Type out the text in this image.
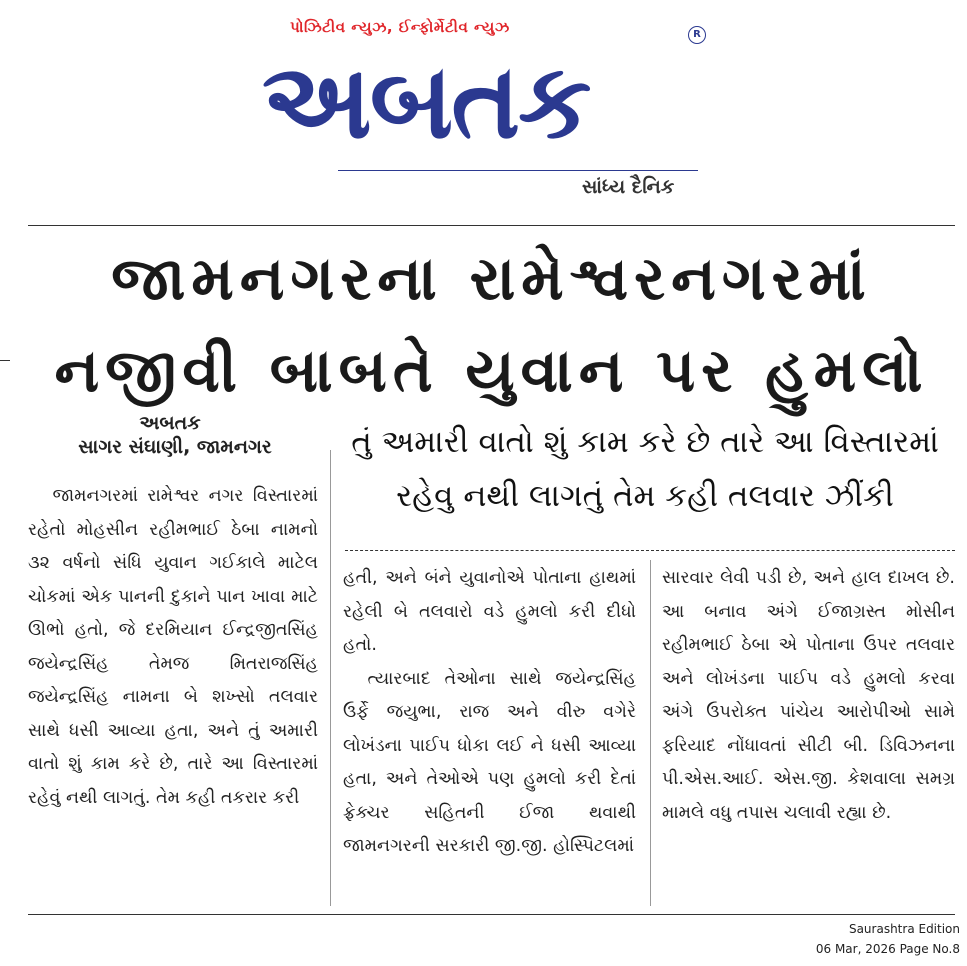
પોઝિટીવ ન્યુઝ, ઈન્ફોર્મેટીવ ન્યુઝ
અબતક
R
સાંધ્ય દૈનિક
જામનગરના રામેશ્વરનગરમાં
નજીવી બાબતે યુવાન પર હુમલો
અબતક
સાગર સંઘાણી, જામનગર	તું અમારી વાતો શું કામ કરે છે તારે આ વિસ્તારમાં
રહેવુ નથી લાગતું તેમ કહી તલવાર ઝીંકી

જામનગરમાં રામેશ્વર નગર વિસ્તારમાં રહેતો મોહસીન રહીમભાઈ ઠેબા નામનો ૩૨ વર્ષનો સંધિ યુવાન ગઈકાલે માટેલ ચોકમાં એક પાનની દુકાને પાન ખાવા માટે ઊભો હતો, જે દરમિયાન ઈન્દ્રજીતસિંહ જયેન્દ્રસિંહ તેમજ મિતરાજસિંહ જયેન્દ્રસિંહ નામના બે શખ્સો તલવાર સાથે ધસી આવ્યા હતા, અને તું અમારી વાતો શું કામ કરે છે, તારે આ વિસ્તારમાં રહેવું નથી લાગતું. તેમ કહી તકરાર કરી

હતી, અને બંને યુવાનોએ પોતાના હાથમાં રહેલી બે તલવારો વડે હુમલો કરી દીધો હતો.

ત્યારબાદ તેઓના સાથે જયેન્દ્રસિંહ ઉર્ફે જયુભા, રાજ અને વીરુ વગેરે લોખંડના પાઈપ ધોકા લઈ ને ધસી આવ્યા હતા, અને તેઓએ પણ હુમલો કરી દેતાં ફ્રેક્ચર સહિતની ઈજા થવાથી જામનગરની સરકારી જી.જી. હોસ્પિટલમાં

સારવાર લેવી પડી છે, અને હાલ દાખલ છે. આ બનાવ અંગે ઈજાગ્રસ્ત મોસીન રહીમભાઈ ઠેબા એ પોતાના ઉપર તલવાર અને લોખંડના પાઈપ વડે હુમલો કરવા અંગે ઉપરોક્ત પાંચેય આરોપીઓ સામે ફરિયાદ નોંધાવતાં સીટી બી. ડિવિઝનના પી.એસ.આઈ. એસ.જી. કેશવાલા સમગ્ર મામલે વધુ તપાસ ચલાવી રહ્યા છે.

Saurashtra Edition
06 Mar, 2026 Page No.8
